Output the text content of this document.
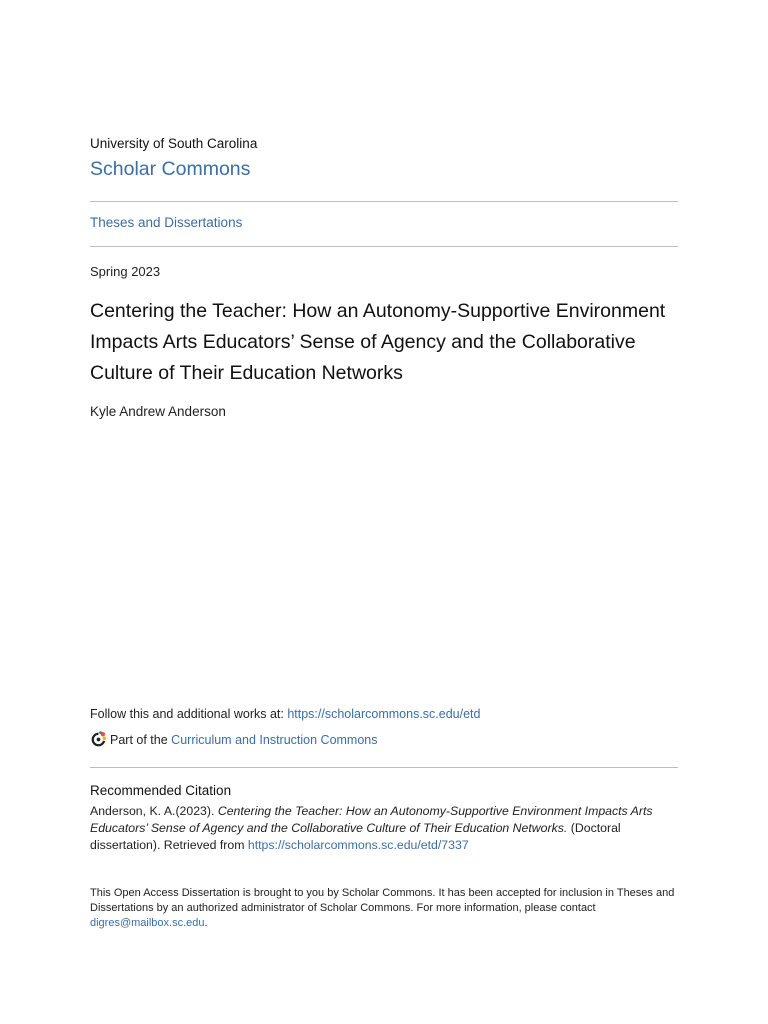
University of South Carolina
Scholar Commons
Theses and Dissertations
Spring 2023
Centering the Teacher: How an Autonomy-Supportive Environment Impacts Arts Educators’ Sense of Agency and the Collaborative Culture of Their Education Networks
Kyle Andrew Anderson
Follow this and additional works at: https://scholarcommons.sc.edu/etd
Part of the
Curriculum and Instruction Commons
Recommended Citation

Anderson, K. A.(2023). Centering the Teacher: How an Autonomy-Supportive Environment Impacts Arts Educators’ Sense of Agency and the Collaborative Culture of Their Education Networks. (Doctoral dissertation). Retrieved from https://scholarcommons.sc.edu/etd/7337

This Open Access Dissertation is brought to you by Scholar Commons. It has been accepted for inclusion in Theses and Dissertations by an authorized administrator of Scholar Commons. For more information, please contact digres@mailbox.sc.edu.
